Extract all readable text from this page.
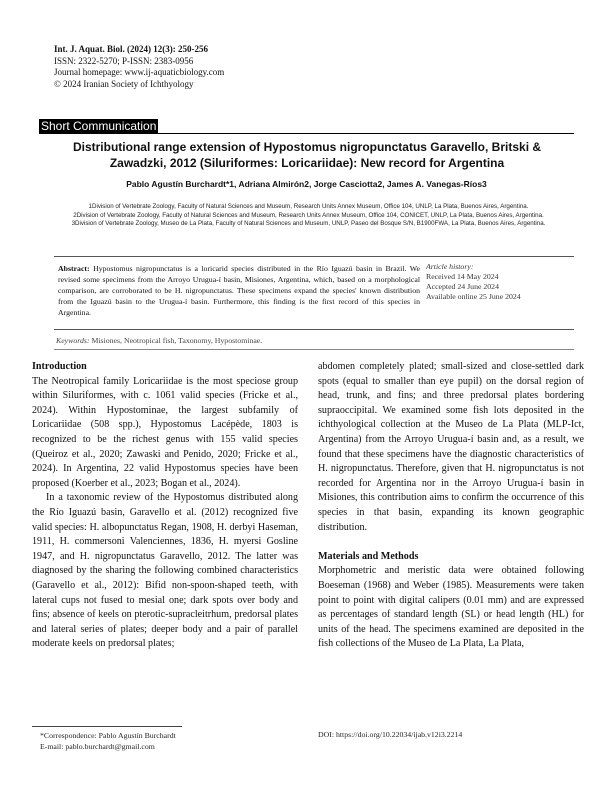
Int. J. Aquat. Biol. (2024) 12(3): 250-256
ISSN: 2322-5270; P-ISSN: 2383-0956
Journal homepage: www.ij-aquaticbiology.com
© 2024 Iranian Society of Ichthyology
Short Communication
Distributional range extension of Hypostomus nigropunctatus Garavello, Britski &
Zawadzki, 2012 (Siluriformes: Loricariidae): New record for Argentina
Pablo Agustín Burchardt*1, Adriana Almirón2, Jorge Casciotta2, James A. Vanegas-Ríos3

1Division of Vertebrate Zoology, Faculty of Natural Sciences and Museum, Research Units Annex Museum, Office 104, UNLP, La Plata, Buenos Aires, Argentina.

2Division of Vertebrate Zoology, Faculty of Natural Sciences and Museum, Research Units Annex Museum, Office 104, CONICET, UNLP, La Plata, Buenos Aires, Argentina.

3Division of Vertebrate Zoology, Museo de La Plata, Faculty of Natural Sciences and Museum, UNLP, Paseo del Bosque S/N, B1900FWA, La Plata, Buenos Aires, Argentina.

Abstract: Hypostomus nigropunctatus is a loricarid species distributed in the Río Iguazú basin in Brazil. We revised some specimens from the Arroyo Urugua-í basin, Misiones, Argentina, which, based on a morphological comparison, are corroborated to be H. nigropunctatus. These specimens expand the species' known distribution from the Iguazú basin to the Urugua-í basin. Furthermore, this finding is the first record of this species in Argentina.
Article history:
Received 14 May 2024
Accepted 24 June 2024
Available online 25 June 2024
Keywords: Misiones, Neotropical fish, Taxonomy, Hypostominae.

Introduction

The Neotropical family Loricariidae is the most speciose group within Siluriformes, with c. 1061 valid species (Fricke et al., 2024). Within Hypostominae, the largest subfamily of Loricariidae (508 spp.), Hypostomus Lacépède, 1803 is recognized to be the richest genus with 155 valid species (Queiroz et al., 2020; Zawaski and Penido, 2020; Fricke et al., 2024). In Argentina, 22 valid Hypostomus species have been proposed (Koerber et al., 2023; Bogan et al., 2024).

In a taxonomic review of the Hypostomus distributed along the Río Iguazú basin, Garavello et al. (2012) recognized five valid species: H. albopunctatus Regan, 1908, H. derbyi Haseman, 1911, H. commersoni Valenciennes, 1836, H. myersi Gosline 1947, and H. nigropunctatus Garavello, 2012. The latter was diagnosed by the sharing the following combined characteristics (Garavello et al., 2012): Bifid non-spoon-shaped teeth, with lateral cups not fused to mesial one; dark spots over body and fins; absence of keels on pterotic-supracleitrhum, predorsal plates and lateral series of plates; deeper body and a pair of parallel moderate keels on predorsal plates;

abdomen completely plated; small-sized and close-settled dark spots (equal to smaller than eye pupil) on the dorsal region of head, trunk, and fins; and three predorsal plates bordering supraoccipital. We examined some fish lots deposited in the ichthyological collection at the Museo de La Plata (MLP-Ict, Argentina) from the Arroyo Urugua-í basin and, as a result, we found that these specimens have the diagnostic characteristics of H. nigropunctatus. Therefore, given that H. nigropunctatus is not recorded for Argentina nor in the Arroyo Urugua-í basin in Misiones, this contribution aims to confirm the occurrence of this species in that basin, expanding its known geographic distribution.

Materials and Methods

Morphometric and meristic data were obtained following Boeseman (1968) and Weber (1985). Measurements were taken point to point with digital calipers (0.01 mm) and are expressed as percentages of standard length (SL) or head length (HL) for units of the head. The specimens examined are deposited in the fish collections of the Museo de La Plata, La Plata,

*Correspondence: Pablo Agustín Burchardt
E-mail: pablo.burchardt@gmail.com
DOI: https://doi.org/10.22034/ijab.v12i3.2214
